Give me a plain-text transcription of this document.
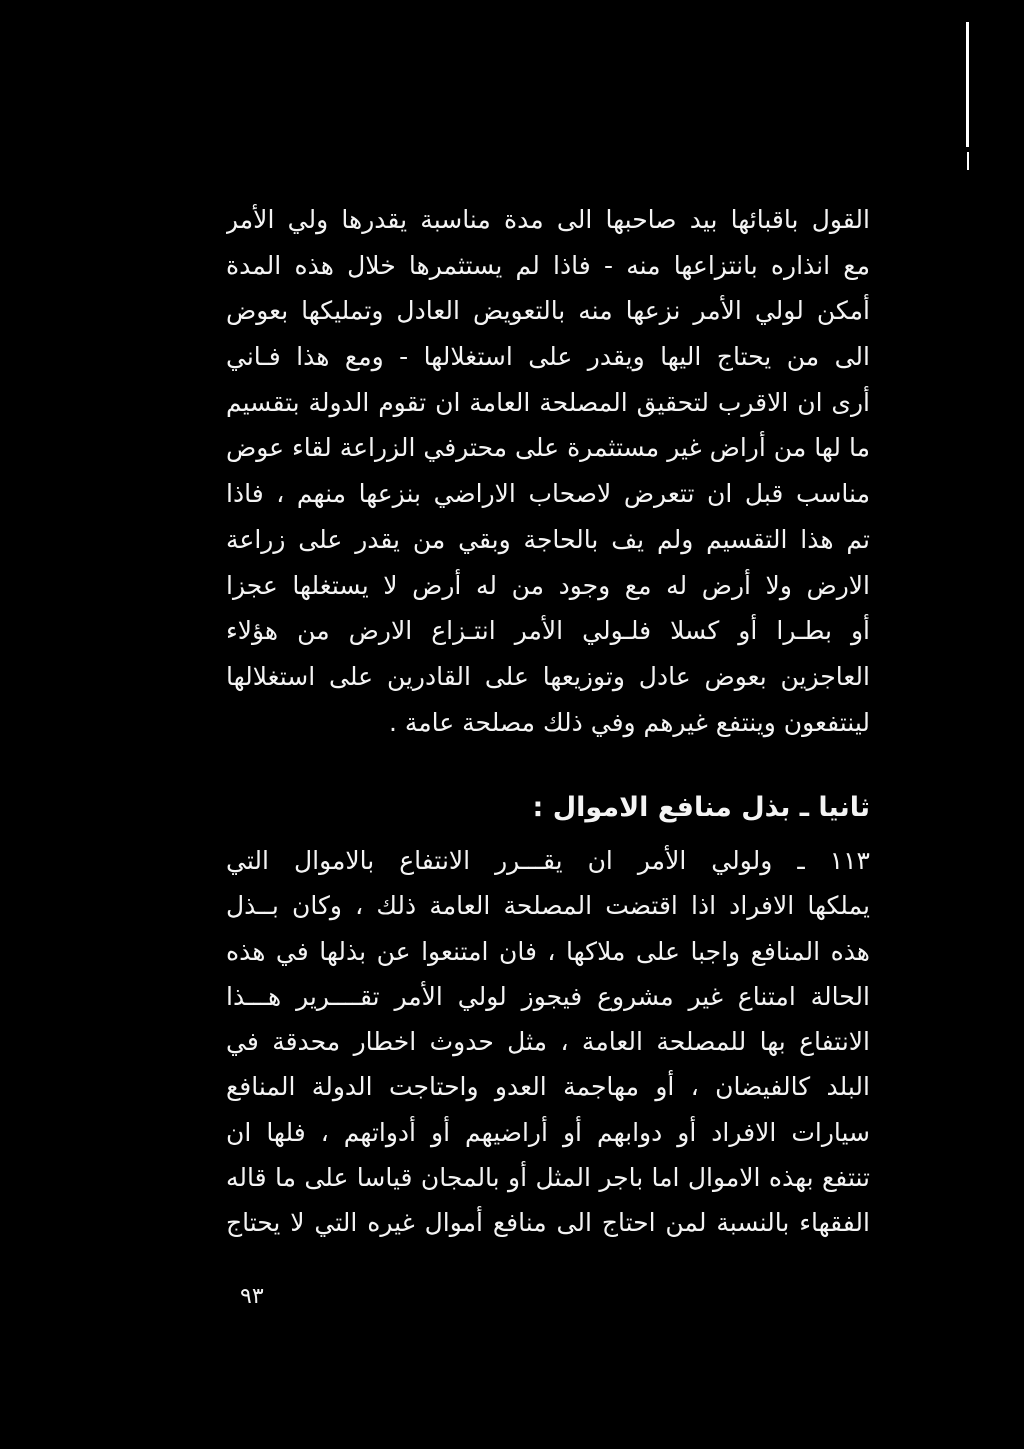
القول باقبائها بيد صاحبها الى مدة مناسبة يقدرها ولي الأمر
مع انذاره بانتزاعها منه - فاذا لم يستثمرها خلال هذه المدة
أمكن لولي الأمر نزعها منه بالتعويض العادل وتمليكها بعوض
الى من يحتاج اليها ويقدر على استغلالها - ومع هذا فـاني
أرى ان الاقرب لتحقيق المصلحة العامة ان تقوم الدولة بتقسيم
ما لها من أراض غير مستثمرة على محترفي الزراعة لقاء عوض
مناسب قبل ان تتعرض لاصحاب الاراضي بنزعها منهم ، فاذا
تم هذا التقسيم ولم يف بالحاجة وبقي من يقدر على زراعة
الارض ولا أرض له مع وجود من له أرض لا يستغلها عجزا
أو بطـرا أو كسلا فلـولي الأمر انتـزاع الارض من هؤلاء
العاجزين بعوض عادل وتوزيعها على القادرين على استغلالها
لينتفعون وينتفع غيرهم وفي ذلك مصلحة عامة .
ثانيا ـ بذل منافع الاموال :
١١٣ ـ ولولي الأمر ان يقـــرر الانتفاع بالاموال التي
يملكها الافراد اذا اقتضت المصلحة العامة ذلك ، وكان بــذل
هذه المنافع واجبا على ملاكها ، فان امتنعوا عن بذلها في هذه
الحالة امتناع غير مشروع فيجوز لولي الأمر تقــــرير هـــذا
الانتفاع بها للمصلحة العامة ، مثل حدوث اخطار محدقة في
البلد كالفيضان ، أو مهاجمة العدو واحتاجت الدولة المنافع
سيارات الافراد أو دوابهم أو أراضيهم أو أدواتهم ، فلها ان
تنتفع بهذه الاموال اما باجر المثل أو بالمجان قياسا على ما قاله
الفقهاء بالنسبة لمن احتاج الى منافع أموال غيره التي لا يحتاج
٩٣
